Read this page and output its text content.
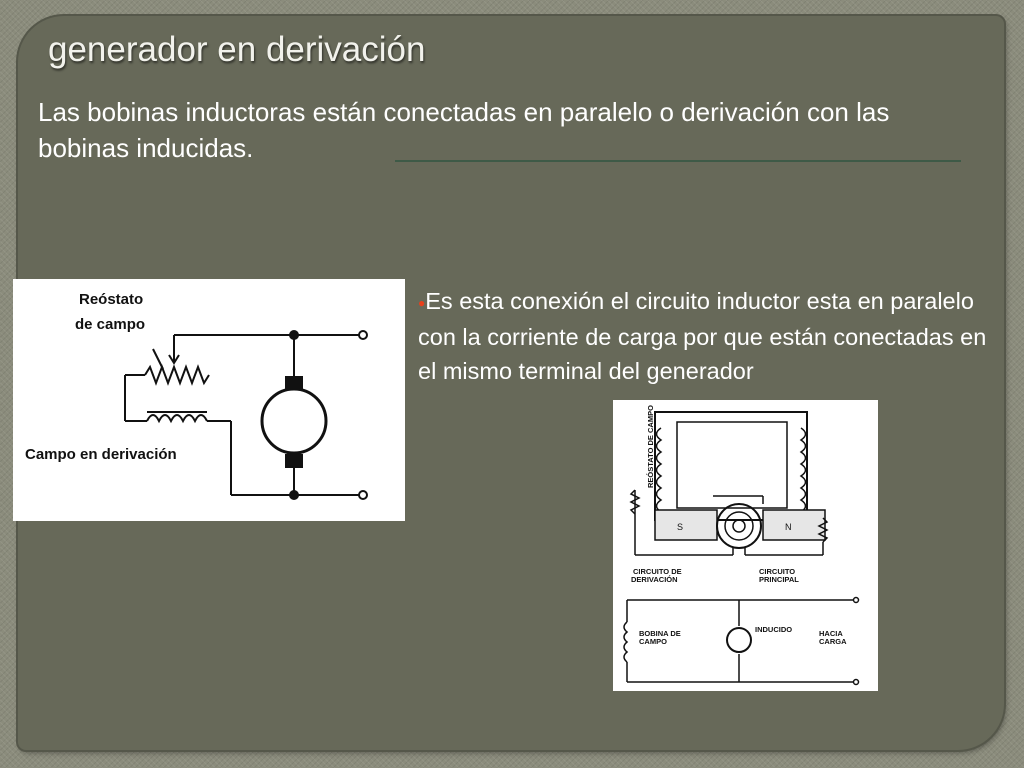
generador en derivación
Las bobinas inductoras están conectadas en paralelo o derivación con las bobinas inducidas.
Reóstato
de campo
Campo en derivación
●Es esta conexión el circuito inductor esta en paralelo con la corriente de carga por que están conectadas en el mismo terminal del generador
REÓSTATO DE CAMPO
S	N
CIRCUITO DE
DERIVACIÓN
CIRCUITO
PRINCIPAL
BOBINA DE
CAMPO
INDUCIDO	HACIA
CARGA
